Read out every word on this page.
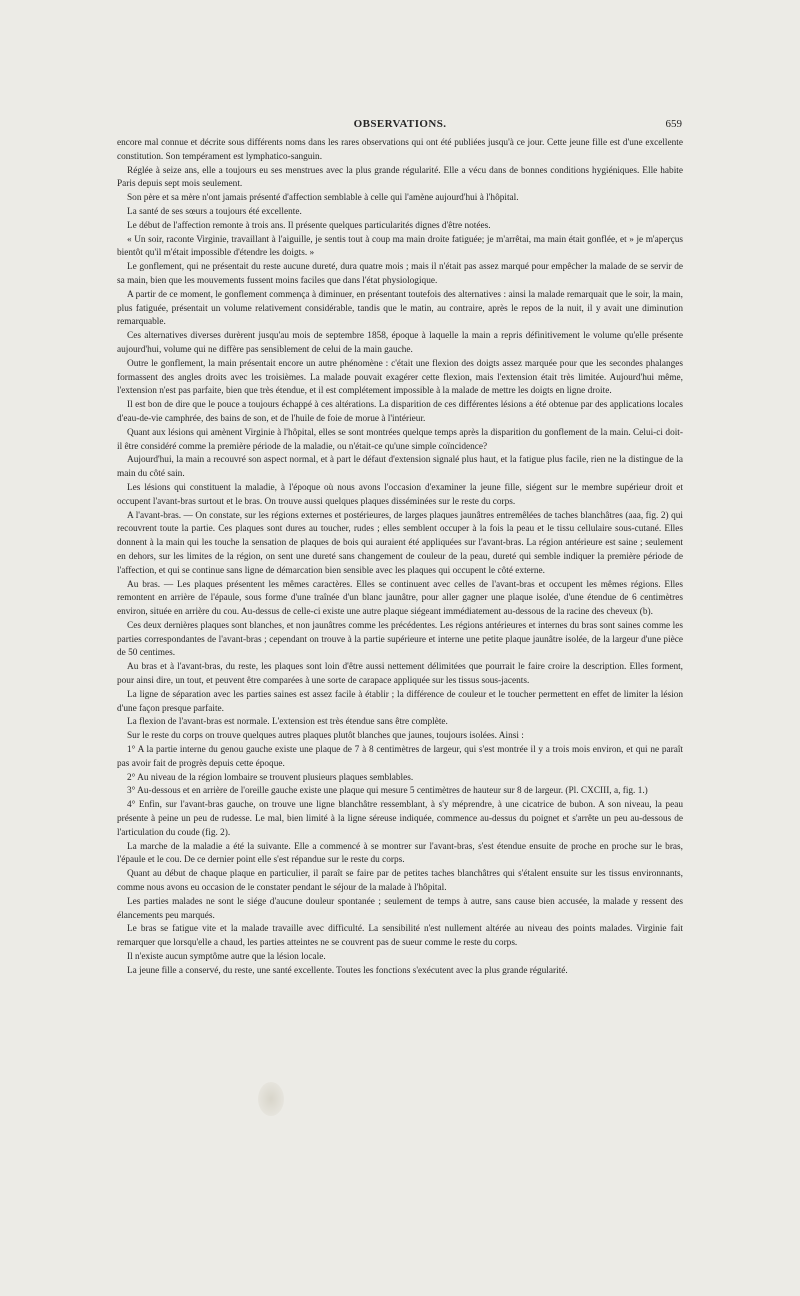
OBSERVATIONS.	659

encore mal connue et décrite sous différents noms dans les rares observations qui ont été publiées jusqu'à ce jour. Cette jeune fille est d'une excellente constitution. Son tempérament est lymphatico-sanguin.

Réglée à seize ans, elle a toujours eu ses menstrues avec la plus grande régularité. Elle a vécu dans de bonnes conditions hygiéniques. Elle habite Paris depuis sept mois seulement.

Son père et sa mère n'ont jamais présenté d'affection semblable à celle qui l'amène aujourd'hui à l'hôpital.

La santé de ses sœurs a toujours été excellente.

Le début de l'affection remonte à trois ans. Il présente quelques particularités dignes d'être notées.

« Un soir, raconte Virginie, travaillant à l'aiguille, je sentis tout à coup ma main droite fatiguée; je m'arrêtai, ma main était gonflée, et » je m'aperçus bientôt qu'il m'était impossible d'étendre les doigts. »

Le gonflement, qui ne présentait du reste aucune dureté, dura quatre mois ; mais il n'était pas assez marqué pour empêcher la malade de se servir de sa main, bien que les mouvements fussent moins faciles que dans l'état physiologique.

A partir de ce moment, le gonflement commença à diminuer, en présentant toutefois des alternatives : ainsi la malade remarquait que le soir, la main, plus fatiguée, présentait un volume relativement considérable, tandis que le matin, au contraire, après le repos de la nuit, il y avait une diminution remarquable.

Ces alternatives diverses durèrent jusqu'au mois de septembre 1858, époque à laquelle la main a repris définitivement le volume qu'elle présente aujourd'hui, volume qui ne diffère pas sensiblement de celui de la main gauche.

Outre le gonflement, la main présentait encore un autre phénomène : c'était une flexion des doigts assez marquée pour que les secondes phalanges formassent des angles droits avec les troisièmes. La malade pouvait exagérer cette flexion, mais l'extension était très limitée. Aujourd'hui même, l'extension n'est pas parfaite, bien que très étendue, et il est complétement impossible à la malade de mettre les doigts en ligne droite.

Il est bon de dire que le pouce a toujours échappé à ces altérations. La disparition de ces différentes lésions a été obtenue par des applications locales d'eau-de-vie camphrée, des bains de son, et de l'huile de foie de morue à l'intérieur.

Quant aux lésions qui amènent Virginie à l'hôpital, elles se sont montrées quelque temps après la disparition du gonflement de la main. Celui-ci doit-il être considéré comme la première période de la maladie, ou n'était-ce qu'une simple coïncidence?

Aujourd'hui, la main a recouvré son aspect normal, et à part le défaut d'extension signalé plus haut, et la fatigue plus facile, rien ne la distingue de la main du côté sain.

Les lésions qui constituent la maladie, à l'époque où nous avons l'occasion d'examiner la jeune fille, siégent sur le membre supérieur droit et occupent l'avant-bras surtout et le bras. On trouve aussi quelques plaques disséminées sur le reste du corps.

A l'avant-bras. — On constate, sur les régions externes et postérieures, de larges plaques jaunâtres entremêlées de taches blanchâtres (aaa, fig. 2) qui recouvrent toute la partie. Ces plaques sont dures au toucher, rudes ; elles semblent occuper à la fois la peau et le tissu cellulaire sous-cutané. Elles donnent à la main qui les touche la sensation de plaques de bois qui auraient été appliquées sur l'avant-bras. La région antérieure est saine ; seulement en dehors, sur les limites de la région, on sent une dureté sans changement de couleur de la peau, dureté qui semble indiquer la première période de l'affection, et qui se continue sans ligne de démarcation bien sensible avec les plaques qui occupent le côté externe.

Au bras. — Les plaques présentent les mêmes caractères. Elles se continuent avec celles de l'avant-bras et occupent les mêmes régions. Elles remontent en arrière de l'épaule, sous forme d'une traînée d'un blanc jaunâtre, pour aller gagner une plaque isolée, d'une étendue de 6 centimètres environ, située en arrière du cou. Au-dessus de celle-ci existe une autre plaque siégeant immédiatement au-dessous de la racine des cheveux (b).

Ces deux dernières plaques sont blanches, et non jaunâtres comme les précédentes. Les régions antérieures et internes du bras sont saines comme les parties correspondantes de l'avant-bras ; cependant on trouve à la partie supérieure et interne une petite plaque jaunâtre isolée, de la largeur d'une pièce de 50 centimes.

Au bras et à l'avant-bras, du reste, les plaques sont loin d'être aussi nettement délimitées que pourrait le faire croire la description. Elles forment, pour ainsi dire, un tout, et peuvent être comparées à une sorte de carapace appliquée sur les tissus sous-jacents.

La ligne de séparation avec les parties saines est assez facile à établir ; la différence de couleur et le toucher permettent en effet de limiter la lésion d'une façon presque parfaite.

La flexion de l'avant-bras est normale. L'extension est très étendue sans être complète.

Sur le reste du corps on trouve quelques autres plaques plutôt blanches que jaunes, toujours isolées. Ainsi :

1° A la partie interne du genou gauche existe une plaque de 7 à 8 centimètres de largeur, qui s'est montrée il y a trois mois environ, et qui ne paraît pas avoir fait de progrès depuis cette époque.

2° Au niveau de la région lombaire se trouvent plusieurs plaques semblables.

3° Au-dessous et en arrière de l'oreille gauche existe une plaque qui mesure 5 centimètres de hauteur sur 8 de largeur. (Pl. CXCIII, a, fig. 1.)

4° Enfin, sur l'avant-bras gauche, on trouve une ligne blanchâtre ressemblant, à s'y méprendre, à une cicatrice de bubon. A son niveau, la peau présente à peine un peu de rudesse. Le mal, bien limité à la ligne séreuse indiquée, commence au-dessus du poignet et s'arrête un peu au-dessous de l'articulation du coude (fig. 2).

La marche de la maladie a été la suivante. Elle a commencé à se montrer sur l'avant-bras, s'est étendue ensuite de proche en proche sur le bras, l'épaule et le cou. De ce dernier point elle s'est répandue sur le reste du corps.

Quant au début de chaque plaque en particulier, il paraît se faire par de petites taches blanchâtres qui s'étalent ensuite sur les tissus environnants, comme nous avons eu occasion de le constater pendant le séjour de la malade à l'hôpital.

Les parties malades ne sont le siége d'aucune douleur spontanée ; seulement de temps à autre, sans cause bien accusée, la malade y ressent des élancements peu marqués.

Le bras se fatigue vite et la malade travaille avec difficulté. La sensibilité n'est nullement altérée au niveau des points malades. Virginie fait remarquer que lorsqu'elle a chaud, les parties atteintes ne se couvrent pas de sueur comme le reste du corps.

Il n'existe aucun symptôme autre que la lésion locale.

La jeune fille a conservé, du reste, une santé excellente. Toutes les fonctions s'exécutent avec la plus grande régularité.
